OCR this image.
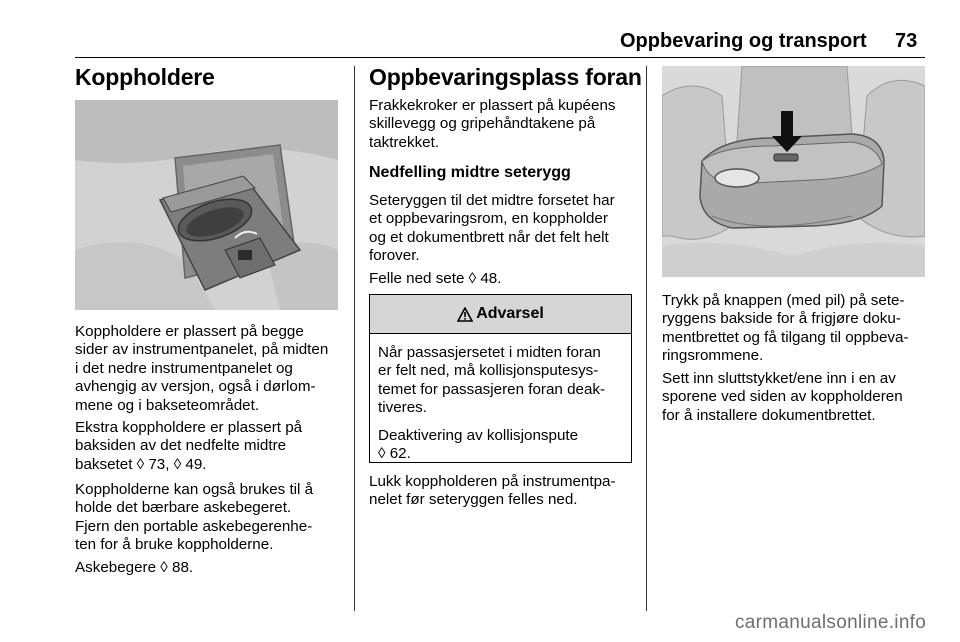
Oppbevaring og transport 73
Koppholdere
Koppholdere er plassert på begge
sider av instrumentpanelet, på midten
i det nedre instrumentpanelet og
avhengig av versjon, også i dørlom-
mene og i bakseteområdet.
Ekstra koppholdere er plassert på
baksiden av det nedfelte midtre
baksetet ◊ 73, ◊ 49.
Koppholderne kan også brukes til å
holde det bærbare askebegeret.
Fjern den portable askebegerenhe-
ten for å bruke koppholderne.
Askebegere ◊ 88.
Oppbevaringsplass foran
Frakkekroker er plassert på kupéens
skillevegg og gripehåndtakene på
taktrekket.
Nedfelling midtre seterygg
Seteryggen til det midtre forsetet har
et oppbevaringsrom, en koppholder
og et dokumentbrett når det felt helt
forover.
Felle ned sete ◊ 48.
Advarsel

Når passasjersetet i midten foran
er felt ned, må kollisjonsputesys-
temet for passasjeren foran deak-
tiveres.

Deaktivering av kollisjonspute
◊ 62.

Lukk koppholderen på instrumentpa-
nelet før seteryggen felles ned.
Trykk på knappen (med pil) på sete-
ryggens bakside for å frigjøre doku-
mentbrettet og få tilgang til oppbeva-
ringsrommene.
Sett inn sluttstykket/ene inn i en av
sporene ved siden av koppholderen
for å installere dokumentbrettet.
carmanualsonline.info
